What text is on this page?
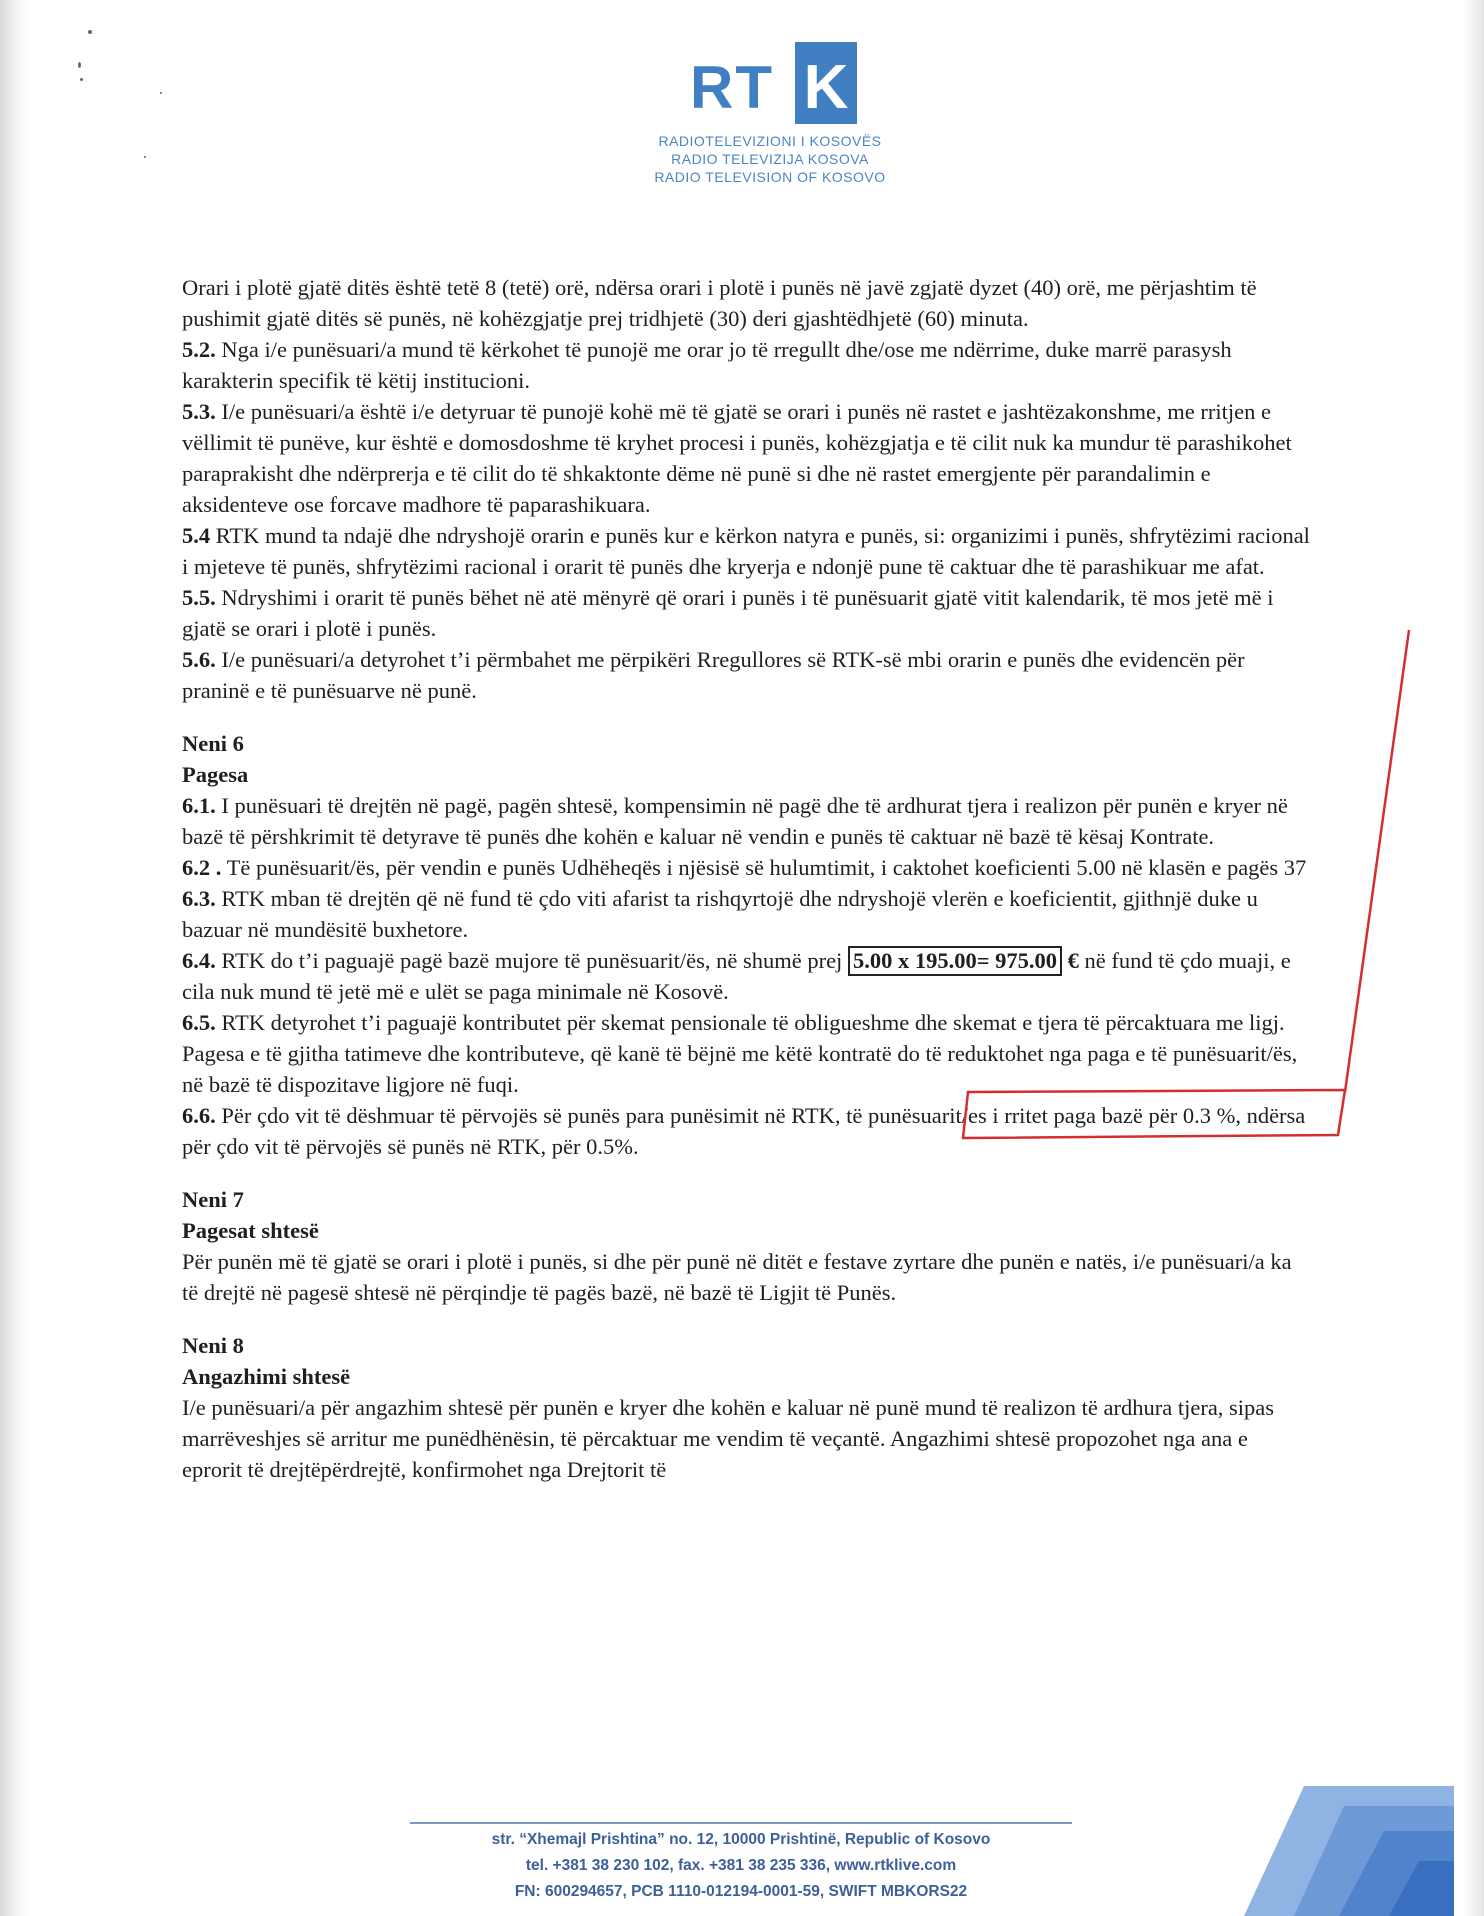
RT K
RADIOTELEVIZIONI I KOSOVËS
RADIO TELEVIZIJA KOSOVA
RADIO TELEVISION OF KOSOVO

Orari i plotë gjatë ditës është tetë 8 (tetë) orë, ndërsa orari i plotë i punës në javë zgjatë dyzet (40) orë, me përjashtim të pushimit gjatë ditës së punës, në kohëzgjatje prej tridhjetë (30) deri gjashtëdhjetë (60) minuta.

5.2. Nga i/e punësuari/a mund të kërkohet të punojë me orar jo të rregullt dhe/ose me ndërrime, duke marrë parasysh karakterin specifik të këtij institucioni.

5.3. I/e punësuari/a është i/e detyruar të punojë kohë më të gjatë se orari i punës në rastet e jashtëzakonshme, me rritjen e vëllimit të punëve, kur është e domosdoshme të kryhet procesi i punës, kohëzgjatja e të cilit nuk ka mundur të parashikohet paraprakisht dhe ndërprerja e të cilit do të shkaktonte dëme në punë si dhe në rastet emergjente për parandalimin e aksidenteve ose forcave madhore të paparashikuara.

5.4 RTK mund ta ndajë dhe ndryshojë orarin e punës kur e kërkon natyra e punës, si: organizimi i punës, shfrytëzimi racional i mjeteve të punës, shfrytëzimi racional i orarit të punës dhe kryerja e ndonjë pune të caktuar dhe të parashikuar me afat.

5.5. Ndryshimi i orarit të punës bëhet në atë mënyrë që orari i punës i të punësuarit gjatë vitit kalendarik, të mos jetë më i gjatë se orari i plotë i punës.

5.6. I/e punësuari/a detyrohet t’i përmbahet me përpikëri Rregullores së RTK-së mbi orarin e punës dhe evidencën për praninë e të punësuarve në punë.

Neni 6

Pagesa

6.1. I punësuari të drejtën në pagë, pagën shtesë, kompensimin në pagë dhe të ardhurat tjera i realizon për punën e kryer në bazë të përshkrimit të detyrave të punës dhe kohën e kaluar në vendin e punës të caktuar në bazë të kësaj Kontrate.

6.2 . Të punësuarit/ës, për vendin e punës Udhëheqës i njësisë së hulumtimit, i caktohet koeficienti 5.00 në klasën e pagës 37

6.3. RTK mban të drejtën që në fund të çdo viti afarist ta rishqyrtojë dhe ndryshojë vlerën e koeficientit, gjithnjë duke u bazuar në mundësitë buxhetore.

6.4. RTK do t’i paguajë pagë bazë mujore të punësuarit/ës, në shumë prej 5.00 x 195.00= 975.00 € në fund të çdo muaji, e cila nuk mund të jetë më e ulët se paga minimale në Kosovë.

6.5. RTK detyrohet t’i paguajë kontributet për skemat pensionale të obligueshme dhe skemat e tjera të përcaktuara me ligj. Pagesa e të gjitha tatimeve dhe kontributeve, që kanë të bëjnë me këtë kontratë do të reduktohet nga paga e të punësuarit/ës, në bazë të dispozitave ligjore në fuqi.

6.6. Për çdo vit të dëshmuar të përvojës së punës para punësimit në RTK, të punësuarit/es i rritet paga bazë për 0.3 %, ndërsa për çdo vit të përvojës së punës në RTK, për 0.5%.

Neni 7

Pagesat shtesë

Për punën më të gjatë se orari i plotë i punës, si dhe për punë në ditët e festave zyrtare dhe punën e natës, i/e punësuari/a ka të drejtë në pagesë shtesë në përqindje të pagës bazë, në bazë të Ligjit të Punës.

Neni 8

Angazhimi shtesë

I/e punësuari/a për angazhim shtesë për punën e kryer dhe kohën e kaluar në punë mund të realizon të ardhura tjera, sipas marrëveshjes së arritur me punëdhënësin, të përcaktuar me vendim të veçantë. Angazhimi shtesë propozohet nga ana e eprorit të drejtëpërdrejtë, konfirmohet nga Drejtorit të

str. “Xhemajl Prishtina” no. 12, 10000 Prishtinë, Republic of Kosovo
tel. +381 38 230 102, fax. +381 38 235 336, www.rtklive.com
FN: 600294657, PCB 1110-012194-0001-59, SWIFT MBKORS22
